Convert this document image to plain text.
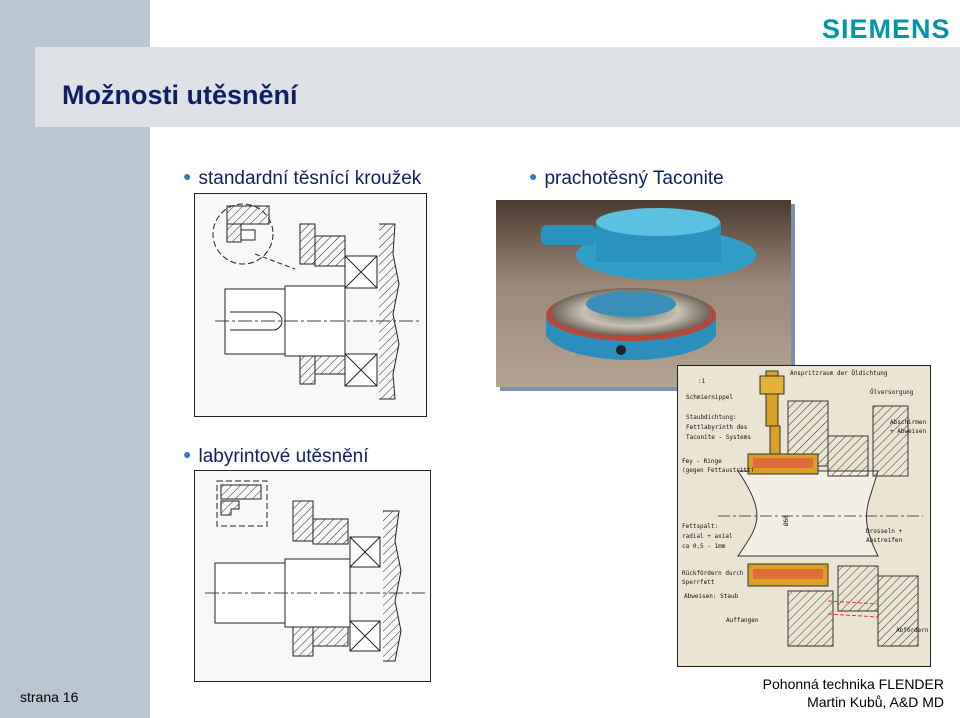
Možnosti utěsnění
SIEMENS
● standardní těsnící kroužek	● prachotěsný Taconite
● labyrintové utěsnění
:1
Schmiernippel
Anspritzraum der Öldichtung
Ölversorgung
Staubdichtung:
Fettlabyrinth des
Taconite - Systems
Abschirmen
+ Abweisen
Fey - Ringe
(gegen Fettaustritt)
Fettspalt:
radial + axial
ca 0,5 - 1mm
Drosseln +
Abstreifen
Rückfördern durch
Sperrfett
Abweisen: Staub
Auffangen
Abfördern
Ø60
strana 16
Pohonná technika FLENDER
Martin Kubů, A&D MD
